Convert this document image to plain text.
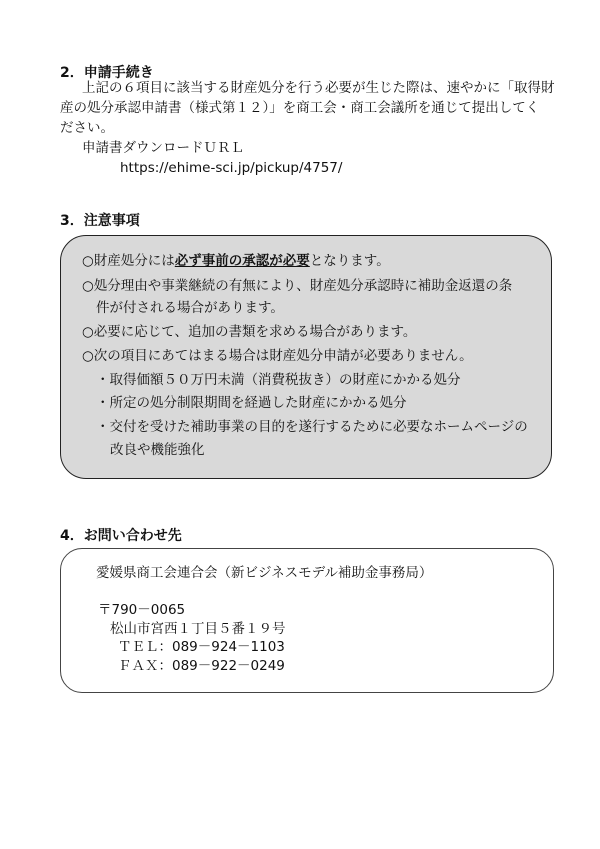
2．申請手続き
上記の６項目に該当する財産処分を行う必要が生じた際は、速やかに「取得財
産の処分承認申請書（様式第１２）」を商工会・商工会議所を通じて提出してく
ださい。
申請書ダウンロードＵＲＬ
https://ehime-sci.jp/pickup/4757/
3．注意事項
○財産処分には必ず事前の承認が必要となります。
○処分理由や事業継続の有無により、財産処分承認時に補助金返還の条
件が付される場合があります。
○必要に応じて、追加の書類を求める場合があります。
○次の項目にあてはまる場合は財産処分申請が必要ありません。
・取得価額５０万円未満（消費税抜き）の財産にかかる処分
・所定の処分制限期間を経過した財産にかかる処分
・交付を受けた補助事業の目的を遂行するために必要なホームページの
改良や機能強化
4．お問い合わせ先
愛媛県商工会連合会（新ビジネスモデル補助金事務局）
〒790－0065
松山市宮西１丁目５番１９号
ＴＥＬ：089－924－1103
ＦＡＸ：089－922－0249
